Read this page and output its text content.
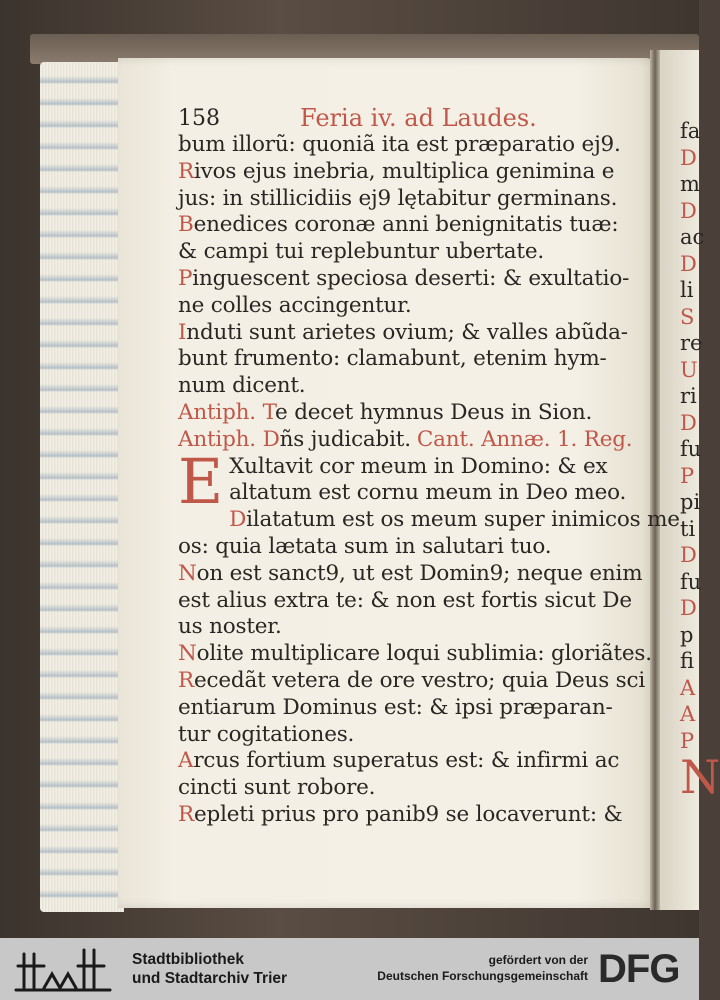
158	Feria iv. ad Laudes.
bum illorũ: quoniã ita est præparatio ej9.
Rivos ejus inebria, multiplica genimina e
jus: in stillicidiis ej9 lętabitur germinans.
Benedices coronæ anni benignitatis tuæ:
& campi tui replebuntur ubertate.
Pinguescent speciosa deserti: & exultatio-
ne colles accingentur.
Induti sunt arietes ovium; & valles abũda-
bunt frumento: clamabunt, etenim hym-
num dicent.
Antiph. Te decet hymnus Deus in Sion.
Antiph. Dñs judicabit. Cant. Annæ. 1. Reg.
E Xultavit cor meum in Domino: & ex
altatum est cornu meum in Deo meo.
Dilatatum est os meum super inimicos me
os: quia lætata sum in salutari tuo.
Non est sanct9, ut est Domin9; neque enim
est alius extra te: & non est fortis sicut De
us noster.
Nolite multiplicare loqui sublimia: gloriãtes.
Recedãt vetera de ore vestro; quia Deus sci
entiarum Dominus est: & ipsi præparan-
tur cogitationes.
Arcus fortium superatus est: & infirmi ac
cincti sunt robore.
Repleti prius pro panib9 se locaverunt: &
fa
D
m
D
ac
D
li
S
re
U
ri
D
fu
P
pi
ti
D
fu
D
p
fi
A
A
P
N
Stadtbibliothek
und Stadtarchiv Trier
gefördert von der
Deutschen Forschungsgemeinschaft DFG
